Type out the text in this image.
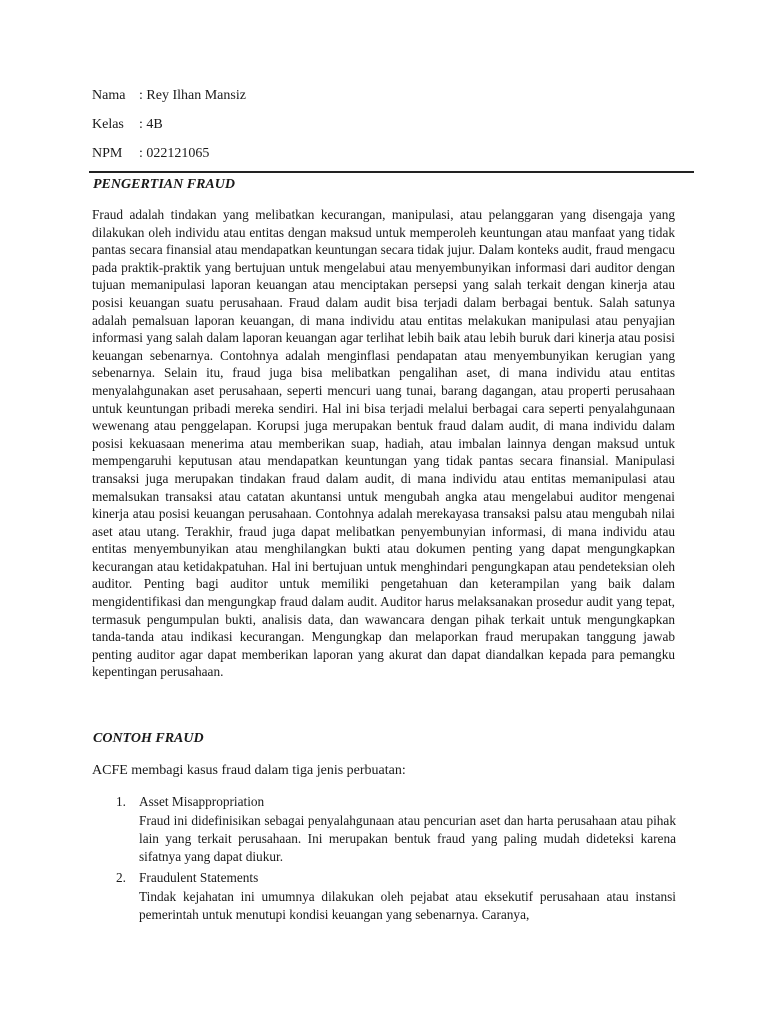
Nama : Rey Ilhan Mansiz
Kelas : 4B
NPM : 022121065
PENGERTIAN FRAUD
Fraud adalah tindakan yang melibatkan kecurangan, manipulasi, atau pelanggaran yang disengaja yang dilakukan oleh individu atau entitas dengan maksud untuk memperoleh keuntungan atau manfaat yang tidak pantas secara finansial atau mendapatkan keuntungan secara tidak jujur. Dalam konteks audit, fraud mengacu pada praktik-praktik yang bertujuan untuk mengelabui atau menyembunyikan informasi dari auditor dengan tujuan memanipulasi laporan keuangan atau menciptakan persepsi yang salah terkait dengan kinerja atau posisi keuangan suatu perusahaan. Fraud dalam audit bisa terjadi dalam berbagai bentuk. Salah satunya adalah pemalsuan laporan keuangan, di mana individu atau entitas melakukan manipulasi atau penyajian informasi yang salah dalam laporan keuangan agar terlihat lebih baik atau lebih buruk dari kinerja atau posisi keuangan sebenarnya. Contohnya adalah menginflasi pendapatan atau menyembunyikan kerugian yang sebenarnya. Selain itu, fraud juga bisa melibatkan pengalihan aset, di mana individu atau entitas menyalahgunakan aset perusahaan, seperti mencuri uang tunai, barang dagangan, atau properti perusahaan untuk keuntungan pribadi mereka sendiri. Hal ini bisa terjadi melalui berbagai cara seperti penyalahgunaan wewenang atau penggelapan. Korupsi juga merupakan bentuk fraud dalam audit, di mana individu dalam posisi kekuasaan menerima atau memberikan suap, hadiah, atau imbalan lainnya dengan maksud untuk mempengaruhi keputusan atau mendapatkan keuntungan yang tidak pantas secara finansial. Manipulasi transaksi juga merupakan tindakan fraud dalam audit, di mana individu atau entitas memanipulasi atau memalsukan transaksi atau catatan akuntansi untuk mengubah angka atau mengelabui auditor mengenai kinerja atau posisi keuangan perusahaan. Contohnya adalah merekayasa transaksi palsu atau mengubah nilai aset atau utang. Terakhir, fraud juga dapat melibatkan penyembunyian informasi, di mana individu atau entitas menyembunyikan atau menghilangkan bukti atau dokumen penting yang dapat mengungkapkan kecurangan atau ketidakpatuhan. Hal ini bertujuan untuk menghindari pengungkapan atau pendeteksian oleh auditor. Penting bagi auditor untuk memiliki pengetahuan dan keterampilan yang baik dalam mengidentifikasi dan mengungkap fraud dalam audit. Auditor harus melaksanakan prosedur audit yang tepat, termasuk pengumpulan bukti, analisis data, dan wawancara dengan pihak terkait untuk mengungkapkan tanda-tanda atau indikasi kecurangan. Mengungkap dan melaporkan fraud merupakan tanggung jawab penting auditor agar dapat memberikan laporan yang akurat dan dapat diandalkan kepada para pemangku kepentingan perusahaan.
CONTOH FRAUD
ACFE membagi kasus fraud dalam tiga jenis perbuatan:
1. Asset Misappropriation
Fraud ini didefinisikan sebagai penyalahgunaan atau pencurian aset dan harta perusahaan atau pihak lain yang terkait perusahaan. Ini merupakan bentuk fraud yang paling mudah dideteksi karena sifatnya yang dapat diukur.
2. Fraudulent Statements
Tindak kejahatan ini umumnya dilakukan oleh pejabat atau eksekutif perusahaan atau instansi pemerintah untuk menutupi kondisi keuangan yang sebenarnya. Caranya,
